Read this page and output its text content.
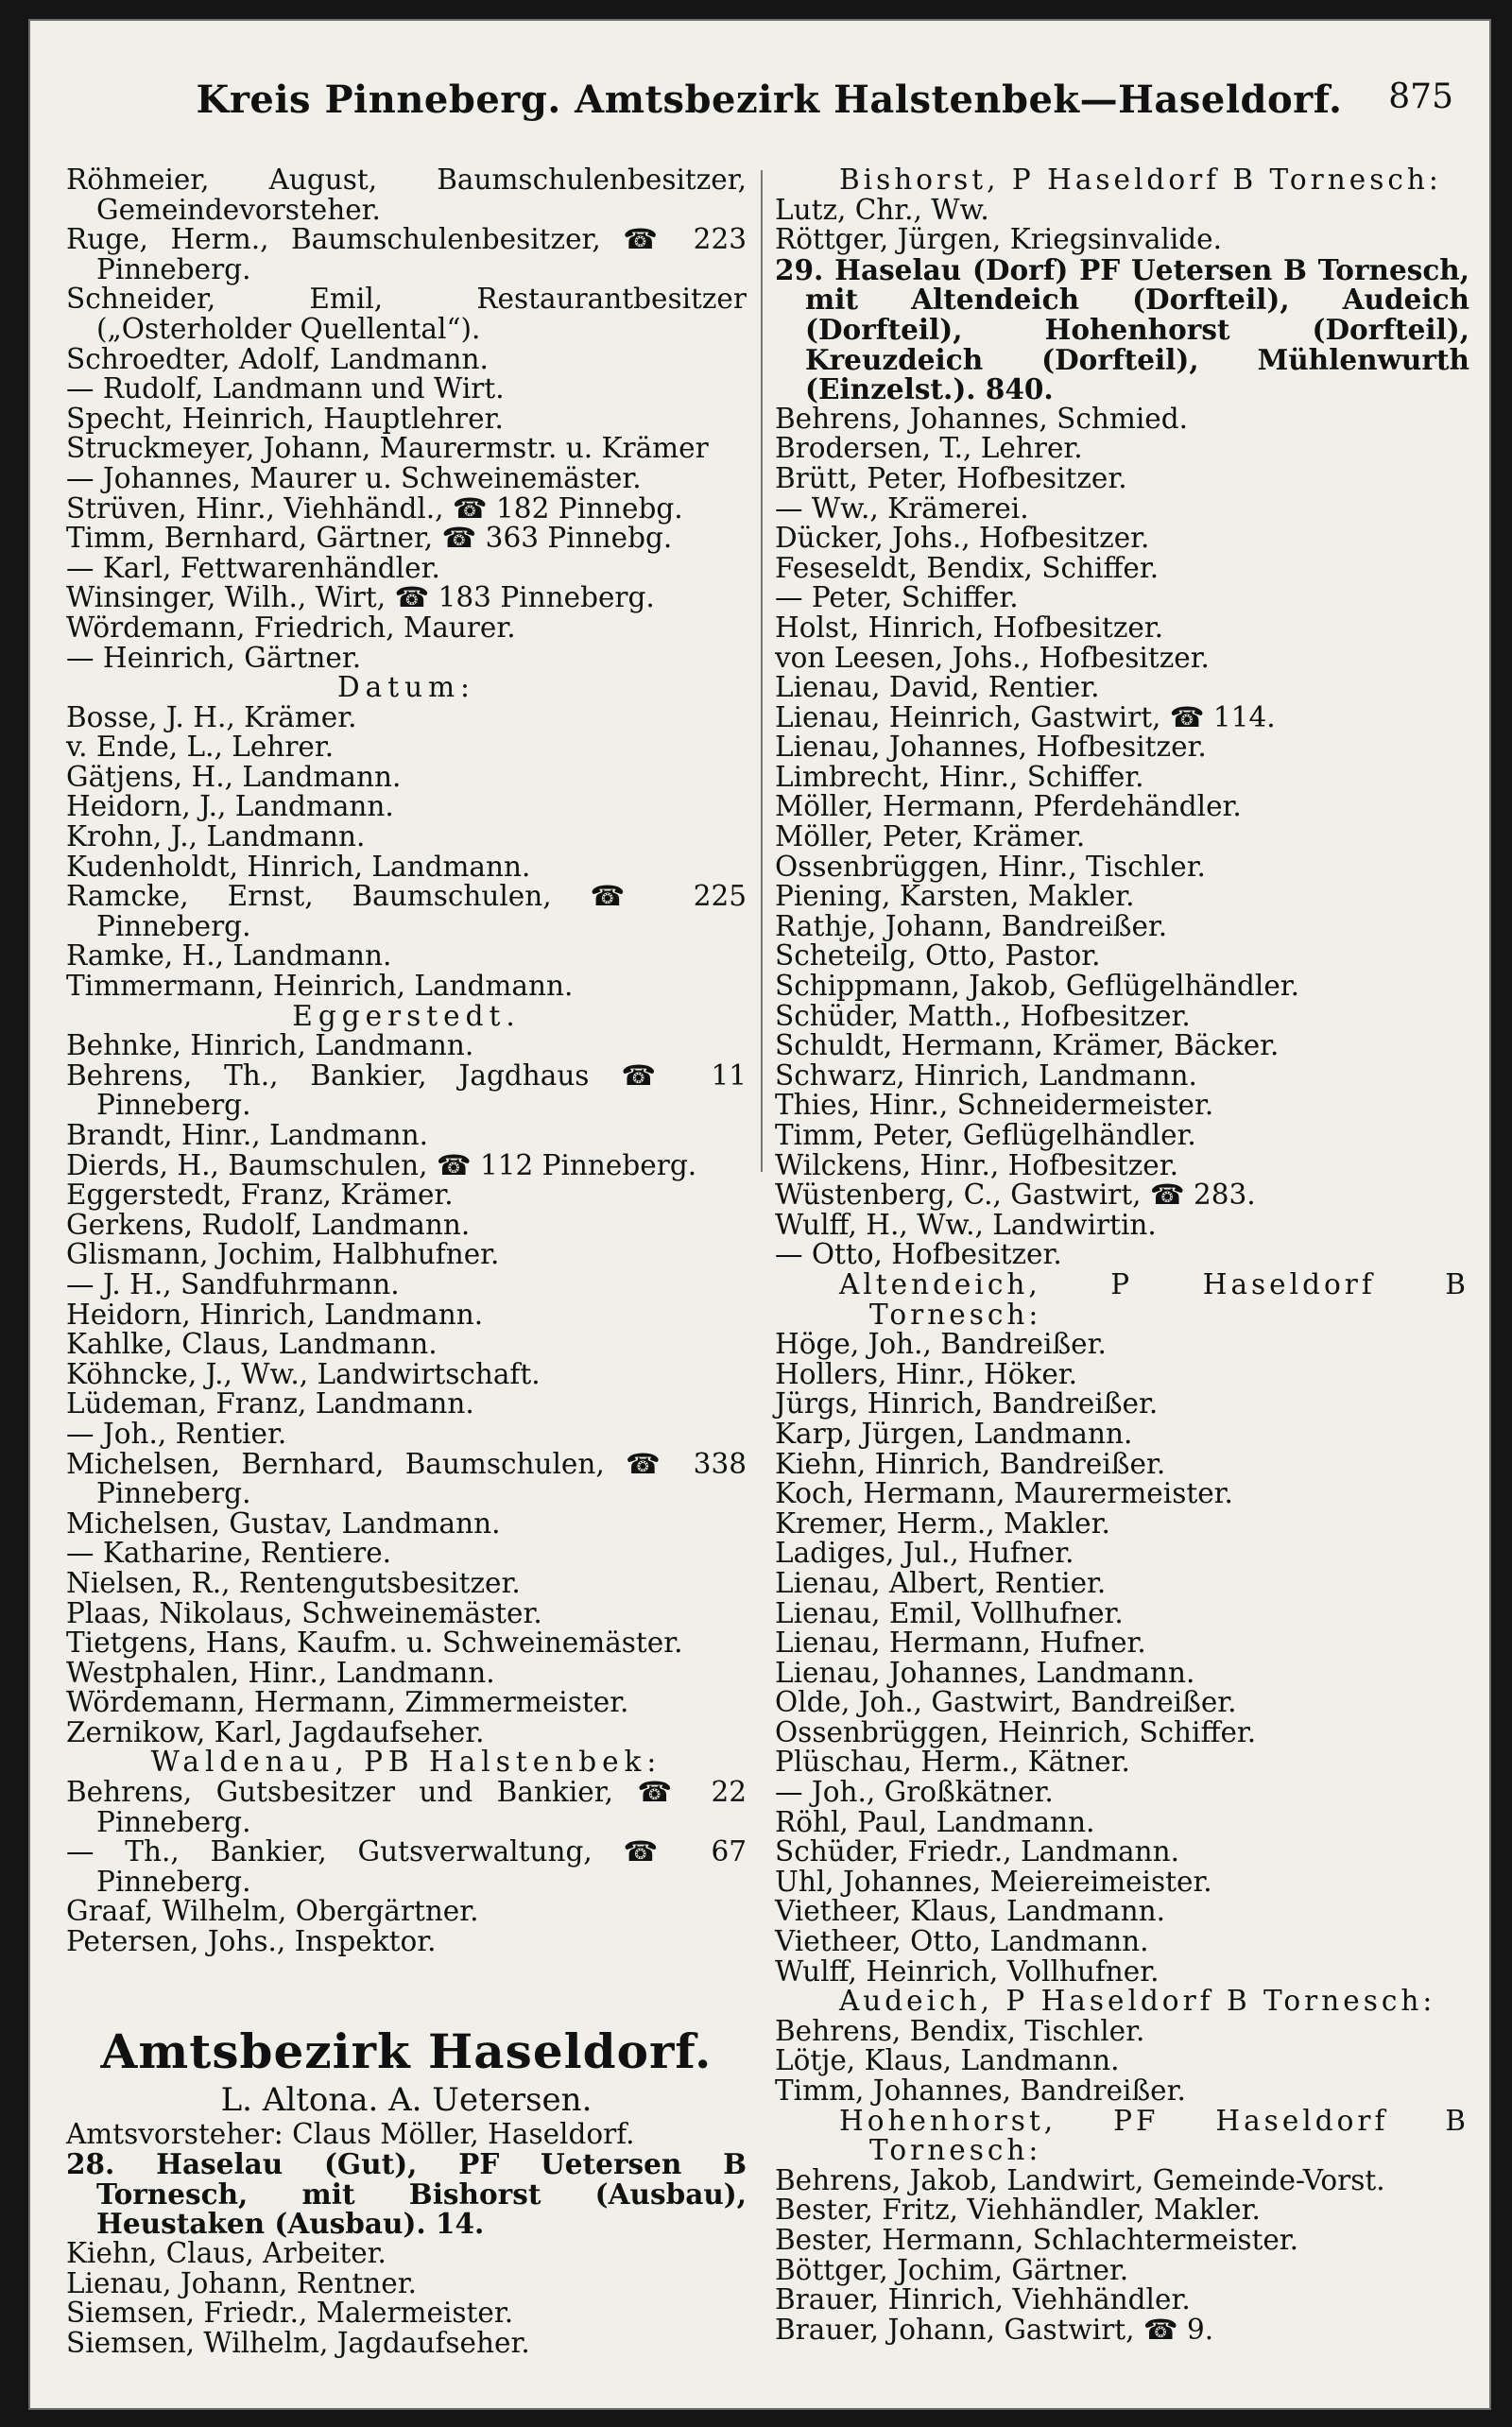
Kreis Pinneberg. Amtsbezirk Halstenbek—Haseldorf.	875
Röhmeier, August, Baumschulenbesitzer, Gemeindevorsteher.
Ruge, Herm., Baumschulenbesitzer, ☎ 223 Pinneberg.
Schneider, Emil, Restaurantbesitzer („Osterholder Quellental“).
Schroedter, Adolf, Landmann.
— Rudolf, Landmann und Wirt.
Specht, Heinrich, Hauptlehrer.
Struckmeyer, Johann, Maurermstr. u. Krämer
— Johannes, Maurer u. Schweinemäster.
Strüven, Hinr., Viehhändl., ☎ 182 Pinnebg.
Timm, Bernhard, Gärtner, ☎ 363 Pinnebg.
— Karl, Fettwarenhändler.
Winsinger, Wilh., Wirt, ☎ 183 Pinneberg.
Wördemann, Friedrich, Maurer.
— Heinrich, Gärtner.
Datum:
Bosse, J. H., Krämer.
v. Ende, L., Lehrer.
Gätjens, H., Landmann.
Heidorn, J., Landmann.
Krohn, J., Landmann.
Kudenholdt, Hinrich, Landmann.
Ramcke, Ernst, Baumschulen, ☎ 225 Pinneberg.
Ramke, H., Landmann.
Timmermann, Heinrich, Landmann.
Eggerstedt.
Behnke, Hinrich, Landmann.
Behrens, Th., Bankier, Jagdhaus ☎ 11 Pinneberg.
Brandt, Hinr., Landmann.
Dierds, H., Baumschulen, ☎ 112 Pinneberg.
Eggerstedt, Franz, Krämer.
Gerkens, Rudolf, Landmann.
Glismann, Jochim, Halbhufner.
— J. H., Sandfuhrmann.
Heidorn, Hinrich, Landmann.
Kahlke, Claus, Landmann.
Köhncke, J., Ww., Landwirtschaft.
Lüdeman, Franz, Landmann.
— Joh., Rentier.
Michelsen, Bernhard, Baumschulen, ☎ 338 Pinneberg.
Michelsen, Gustav, Landmann.
— Katharine, Rentiere.
Nielsen, R., Rentengutsbesitzer.
Plaas, Nikolaus, Schweinemäster.
Tietgens, Hans, Kaufm. u. Schweinemäster.
Westphalen, Hinr., Landmann.
Wördemann, Hermann, Zimmermeister.
Zernikow, Karl, Jagdaufseher.
Waldenau, PB Halstenbek:
Behrens, Gutsbesitzer und Bankier, ☎ 22 Pinneberg.
— Th., Bankier, Gutsverwaltung, ☎ 67 Pinneberg.
Graaf, Wilhelm, Obergärtner.
Petersen, Johs., Inspektor.
Amtsbezirk Haseldorf.
L. Altona. A. Uetersen.
Amtsvorsteher: Claus Möller, Haseldorf.
28. Haselau (Gut), PF Uetersen B Tornesch, mit Bishorst (Ausbau), Heustaken (Ausbau). 14.
Kiehn, Claus, Arbeiter.
Lienau, Johann, Rentner.
Siemsen, Friedr., Malermeister.
Siemsen, Wilhelm, Jagdaufseher.
Bishorst, P Haseldorf B Tornesch:
Lutz, Chr., Ww.
Röttger, Jürgen, Kriegsinvalide.
29. Haselau (Dorf) PF Uetersen B Tornesch, mit Altendeich (Dorfteil), Audeich (Dorfteil), Hohenhorst (Dorfteil), Kreuzdeich (Dorfteil), Mühlenwurth (Einzelst.). 840.
Behrens, Johannes, Schmied.
Brodersen, T., Lehrer.
Brütt, Peter, Hofbesitzer.
— Ww., Krämerei.
Dücker, Johs., Hofbesitzer.
Feseseldt, Bendix, Schiffer.
— Peter, Schiffer.
Holst, Hinrich, Hofbesitzer.
von Leesen, Johs., Hofbesitzer.
Lienau, David, Rentier.
Lienau, Heinrich, Gastwirt, ☎ 114.
Lienau, Johannes, Hofbesitzer.
Limbrecht, Hinr., Schiffer.
Möller, Hermann, Pferdehändler.
Möller, Peter, Krämer.
Ossenbrüggen, Hinr., Tischler.
Piening, Karsten, Makler.
Rathje, Johann, Bandreißer.
Scheteilg, Otto, Pastor.
Schippmann, Jakob, Geflügelhändler.
Schüder, Matth., Hofbesitzer.
Schuldt, Hermann, Krämer, Bäcker.
Schwarz, Hinrich, Landmann.
Thies, Hinr., Schneidermeister.
Timm, Peter, Geflügelhändler.
Wilckens, Hinr., Hofbesitzer.
Wüstenberg, C., Gastwirt, ☎ 283.
Wulff, H., Ww., Landwirtin.
— Otto, Hofbesitzer.
Altendeich, P Haseldorf B Tornesch:
Höge, Joh., Bandreißer.
Hollers, Hinr., Höker.
Jürgs, Hinrich, Bandreißer.
Karp, Jürgen, Landmann.
Kiehn, Hinrich, Bandreißer.
Koch, Hermann, Maurermeister.
Kremer, Herm., Makler.
Ladiges, Jul., Hufner.
Lienau, Albert, Rentier.
Lienau, Emil, Vollhufner.
Lienau, Hermann, Hufner.
Lienau, Johannes, Landmann.
Olde, Joh., Gastwirt, Bandreißer.
Ossenbrüggen, Heinrich, Schiffer.
Plüschau, Herm., Kätner.
— Joh., Großkätner.
Röhl, Paul, Landmann.
Schüder, Friedr., Landmann.
Uhl, Johannes, Meiereimeister.
Vietheer, Klaus, Landmann.
Vietheer, Otto, Landmann.
Wulff, Heinrich, Vollhufner.
Audeich, P Haseldorf B Tornesch:
Behrens, Bendix, Tischler.
Lötje, Klaus, Landmann.
Timm, Johannes, Bandreißer.
Hohenhorst, PF Haseldorf B Tornesch:
Behrens, Jakob, Landwirt, Gemeinde-Vorst.
Bester, Fritz, Viehhändler, Makler.
Bester, Hermann, Schlachtermeister.
Böttger, Jochim, Gärtner.
Brauer, Hinrich, Viehhändler.
Brauer, Johann, Gastwirt, ☎ 9.
